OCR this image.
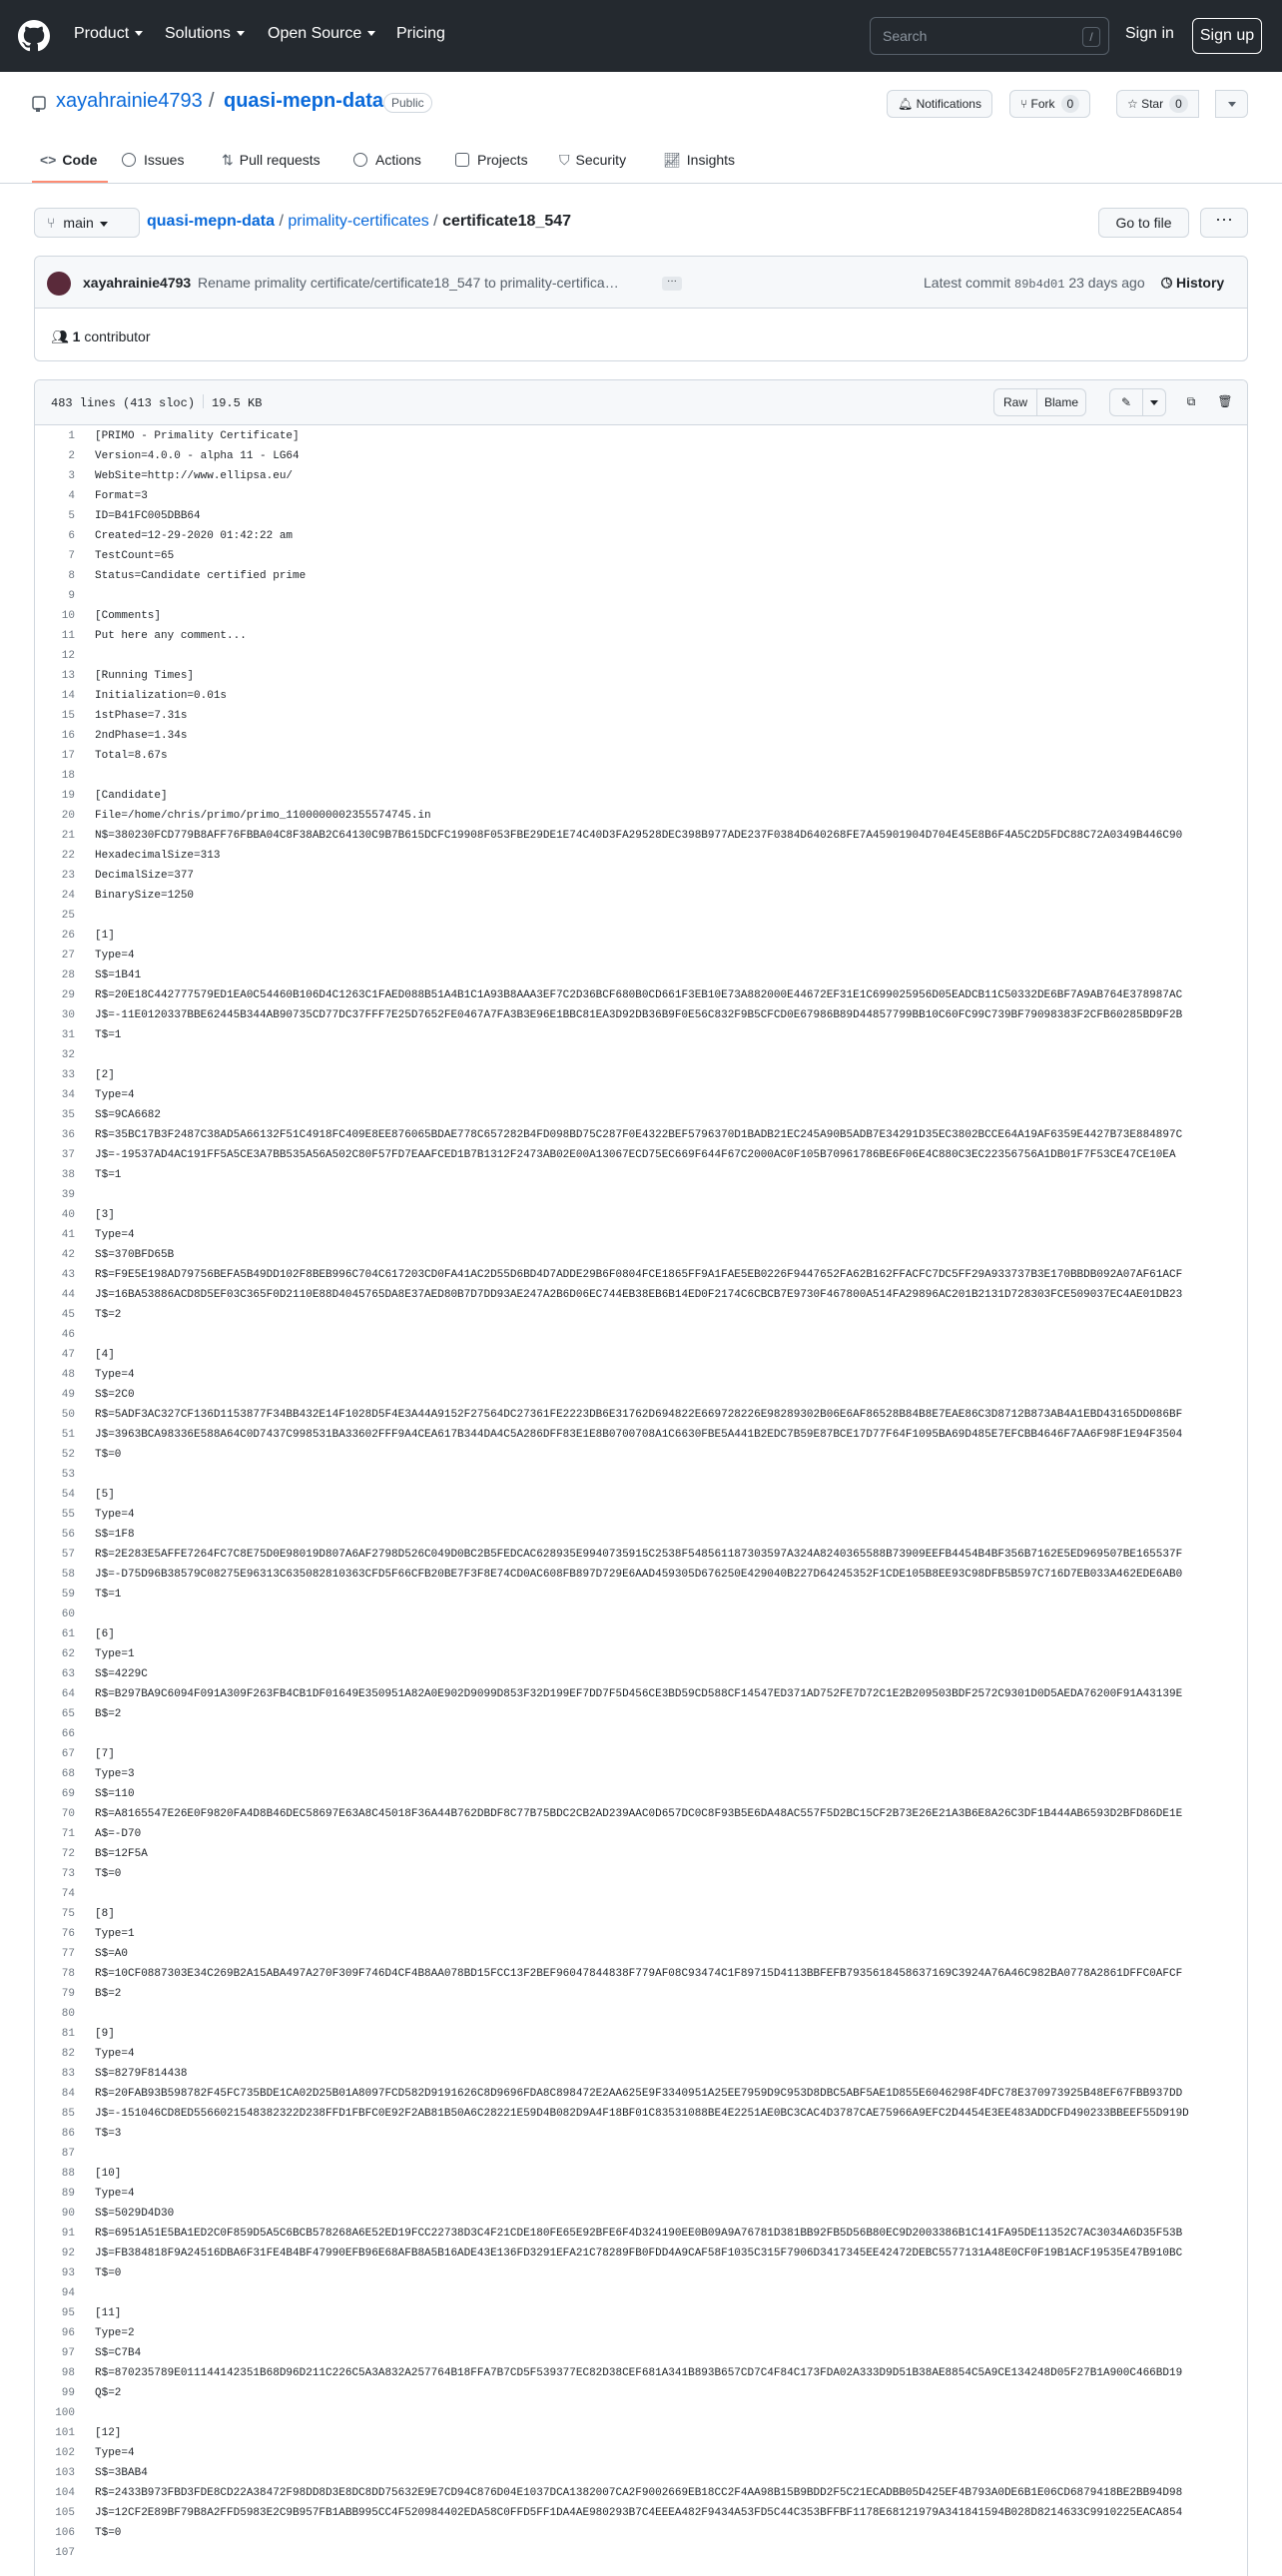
Product	Solutions	Open Source	Pricing	Search	/	Sign in	Sign up
xayahrainie4793 / quasi-mepn-data Public	🔔︎ Notifications	⑂ Fork 0	☆ Star 0
<> Code	Issues	⇅ Pull requests	Actions	Projects ⛉ Security	📈︎ Insights
⑂ main	quasi-mepn-data / primality-certificates / certificate18_547	Go to file	···
xayahrainie4793 Rename primality certificate/certificate18_547 to primality-certifica…	···	Latest commit 89b4d01 23 days ago 🕓︎ History
👥︎ 1 contributor
483 lines (413 sloc) 19.5 KB	Raw	Blame	✎	⧉	🗑︎
1	[PRIMO - Primality Certificate]
2	Version=4.0.0 - alpha 11 - LG64
3	WebSite=http://www.ellipsa.eu/
4	Format=3
5	ID=B41FC005DBB64
6	Created=12-29-2020 01:42:22 am
7	TestCount=65
8	Status=Candidate certified prime
9
10	[Comments]
11	Put here any comment...
12
13	[Running Times]
14	Initialization=0.01s
15	1stPhase=7.31s
16	2ndPhase=1.34s
17	Total=8.67s
18
19	[Candidate]
20	File=/home/chris/primo/primo_1100000002355574745.in
21	N$=380230FCD779B8AFF76FBBA04C8F38AB2C64130C9B7B615DCFC19908F053FBE29DE1E74C40D3FA29528DEC398B977ADE237F0384D640268FE7A45901904D704E45E8B6F4A5C2D5FDC88C72A0349B446C90
22	HexadecimalSize=313
23	DecimalSize=377
24	BinarySize=1250
25
26	[1]
27	Type=4
28	S$=1B41
29	R$=20E18C442777579ED1EA0C54460B106D4C1263C1FAED088B51A4B1C1A93B8AAA3EF7C2D36BCF680B0CD661F3EB10E73A882000E44672EF31E1C699025956D05EADCB11C50332DE6BF7A9AB764E378987AC
30	J$=-11E0120337BBE62445B344AB90735CD77DC37FFF7E25D7652FE0467A7FA3B3E96E1BBC81EA3D92DB36B9F0E56C832F9B5CFCD0E67986B89D44857799BB10C60FC99C739BF79098383F2CFB60285BD9F2B
31	T$=1
32
33	[2]
34	Type=4
35	S$=9CA6682
36	R$=35BC17B3F2487C38AD5A66132F51C4918FC409E8EE876065BDAE778C657282B4FD098BD75C287F0E4322BEF5796370D1BADB21EC245A90B5ADB7E34291D35EC3802BCCE64A19AF6359E4427B73E884897C
37	J$=-19537AD4AC191FF5A5CE3A7BB535A56A502C80F57FD7EAAFCED1B7B1312F2473AB02E00A13067ECD75EC669F644F67C2000AC0F105B70961786BE6F06E4C880C3EC22356756A1DB01F7F53CE47CE10EA
38	T$=1
39
40	[3]
41	Type=4
42	S$=370BFD65B
43	R$=F9E5E198AD79756BEFA5B49DD102F8BEB996C704C617203CD0FA41AC2D55D6BD4D7ADDE29B6F0804FCE1865FF9A1FAE5EB0226F9447652FA62B162FFACFC7DC5FF29A933737B3E170BBDB092A07AF61ACF
44	J$=16BA53886ACD8D5EF03C365F0D2110E88D4045765DA8E37AED80B7D7DD93AE247A2B6D06EC744EB38EB6B14ED0F2174C6CBCB7E9730F467800A514FA29896AC201B2131D728303FCE509037EC4AE01DB23
45	T$=2
46
47	[4]
48	Type=4
49	S$=2C0
50	R$=5ADF3AC327CF136D1153877F34BB432E14F1028D5F4E3A44A9152F27564DC27361FE2223DB6E31762D694822E669728226E98289302B06E6AF86528B84B8E7EAE86C3D8712B873AB4A1EBD43165DD086BF
51	J$=3963BCA98336E588A64C0D7437C998531BA33602FFF9A4CEA617B344DA4C5A286DFF83E1E8B0700708A1C6630FBE5A441B2EDC7B59E87BCE17D77F64F1095BA69D485E7EFCBB4646F7AA6F98F1E94F3504
52	T$=0
53
54	[5]
55	Type=4
56	S$=1F8
57	R$=2E283E5AFFE7264FC7C8E75D0E98019D807A6AF2798D526C049D0BC2B5FEDCAC628935E9940735915C2538F548561187303597A324A8240365588B73909EEFB4454B4BF356B7162E5ED969507BE165537F
58	J$=-D75D96B38579C08275E96313C635082810363CFD5F66CFB20BE7F3F8E74CD0AC608FB897D729E6AAD459305D676250E429040B227D64245352F1CDE105B8EE93C98DFB5B597C716D7EB033A462EDE6AB0
59	T$=1
60
61	[6]
62	Type=1
63	S$=4229C
64	R$=B297BA9C6094F091A309F263FB4CB1DF01649E350951A82A0E902D9099D853F32D199EF7DD7F5D456CE3BD59CD588CF14547ED371AD752FE7D72C1E2B209503BDF2572C9301D0D5AEDA76200F91A43139E
65	B$=2
66
67	[7]
68	Type=3
69	S$=110
70	R$=A8165547E26E0F9820FA4D8B46DEC58697E63A8C45018F36A44B762DBDF8C77B75BDC2CB2AD239AAC0D657DC0C8F93B5E6DA48AC557F5D2BC15CF2B73E26E21A3B6E8A26C3DF1B444AB6593D2BFD86DE1E
71	A$=-D70
72	B$=12F5A
73	T$=0
74
75	[8]
76	Type=1
77	S$=A0
78	R$=10CF0887303E34C269B2A15ABA497A270F309F746D4CF4B8AA078BD15FCC13F2BEF96047844838F779AF08C93474C1F89715D4113BBFEFB7935618458637169C3924A76A46C982BA0778A2861DFFC0AFCF
79	B$=2
80
81	[9]
82	Type=4
83	S$=8279F814438
84	R$=20FAB93B598782F45FC735BDE1CA02D25B01A8097FCD582D9191626C8D9696FDA8C898472E2AA625E9F3340951A25EE7959D9C953D8DBC5ABF5AE1D855E6046298F4DFC78E370973925B48EF67FBB937DD
85	J$=-151046CD8ED5566021548382322D238FFD1FBFC0E92F2AB81B50A6C28221E59D4B082D9A4F18BF01C83531088BE4E2251AE0BC3CAC4D3787CAE75966A9EFC2D4454E3EE483ADDCFD490233BBEEF55D919D
86	T$=3
87
88	[10]
89	Type=4
90	S$=5029D4D30
91	R$=6951A51E5BA1ED2C0F859D5A5C6BCB578268A6E52ED19FCC22738D3C4F21CDE180FE65E92BFE6F4D324190EE0B09A9A76781D381BB92FB5D56B80EC9D2003386B1C141FA95DE11352C7AC3034A6D35F53B
92	J$=FB384818F9A24516DBA6F31FE4B4BF47990EFB96E68AFB8A5B16ADE43E136FD3291EFA21C78289FB0FDD4A9CAF58F1035C315F7906D3417345EE42472DEBC5577131A48E0CF0F19B1ACF19535E47B910BC
93	T$=0
94
95	[11]
96	Type=2
97	S$=C7B4
98	R$=870235789E011144142351B68D96D211C226C5A3A832A257764B18FFA7B7CD5F539377EC82D38CEF681A341B893B657CD7C4F84C173FDA02A333D9D51B38AE8854C5A9CE134248D05F27B1A900C466BD19
99	Q$=2
100
101	[12]
102	Type=4
103	S$=3BAB4
104	R$=2433B973FBD3FDE8CD22A38472F98DD8D3E8DC8DD75632E9E7CD94C876D04E1037DCA1382007CA2F9002669EB18CC2F4AA98B15B9BDD2F5C21ECADBB05D425EF4B793A0DE6B1E06CD6879418BE2BB94D98
105	J$=12CF2E89BF79B8A2FFD5983E2C9B957FB1ABB995CC4F520984402EDA58C0FFD5FF1DA4AE980293B7C4EEEA482F9434A53FD5C44C353BFFBF1178E68121979A341841594B028D8214633C9910225EACA854
106	T$=0
107
